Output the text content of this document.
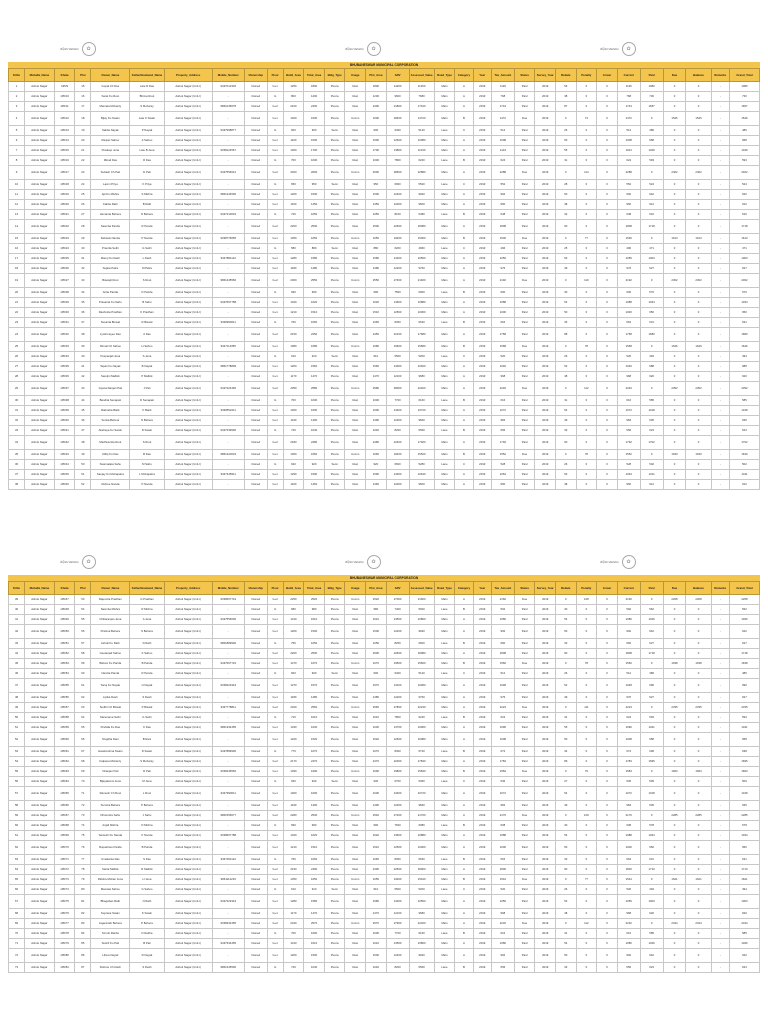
ଓଡ଼ିଶା ସରକାର	✿	ଓଡ଼ିଶା ସରକାର	✿	ଓଡ଼ିଶା ସରକାର	✿
BHUBANESWAR MUNICIPAL CORPORATION
Sl.No	Mohalla_Name	Khata	Plot	Owner_Name	Father/Husband_Name	Property_Address	Mobile_Number	Ownership	Floor	Build_Area	Total_Area	Bldg_Type	Usage	Plot_Area	ARV	Assessed_Value	Road_Type	Category	Year	Tax_Amount	Status	Survey_Year	Rebate	Penalty	Arrear	Current	Paid	Due	Balance	Remarks	Grand_Total
1	Ashok Nagar	195/9	15	Gopal Ch Das	Late R Das	Ashok Nagar (Unit-I)	9437012345	Owned	G+1	1250	1800	Pucca	Resi	1800	14200	11360	Main	A	2019	1136	Paid	2019	56	0	0	1136	1080	0	0	-	1080
2	Ashok Nagar	195/10	16	Sarat Ku Rout	Bhima Rout	Ashok Nagar (Unit-I)	-	Owned	G	800	1200	Pucca	Resi	1200	9600	7680	Main	A	2019	768	Paid	2019	38	0	0	768	730	0	0	-	730
3	Ashok Nagar	195/11	17	Mamata Mohanty	S Mohanty	Ashok Nagar (Unit-I)	9861045678	Owned	G+2	2100	2400	Pucca	Resi	2400	21800	17440	Main	A	2019	1744	Paid	2019	87	0	0	1744	1657	0	0	-	1657
4	Ashok Nagar	195/12	18	Bijay Ku Swain	Late K Swain	Ashok Nagar (Unit-I)	-	Owned	G+1	1400	1600	Pucca	Comm	1600	18400	14720	Main	B	2019	1472	Due	2019	0	74	0	1472	0	1546	1546	-	1546
5	Ashok Nagar	195/13	19	Sabita Nayak	P Nayak	Ashok Nagar (Unit-I)	9437998877	Owned	G	600	900	Semi	Resi	900	6400	5120	Lane	C	2019	512	Paid	2019	26	0	0	512	486	0	0	-	486
6	Ashok Nagar	195/14	20	Ranjan Sahoo	A Sahoo	Ashok Nagar (Unit-I)	-	Owned	G+1	1100	1500	Pucca	Resi	1500	12600	10080	Main	A	2019	1008	Paid	2019	50	0	0	1008	958	0	0	-	958
7	Ashok Nagar	195/15	21	Pradeep Jena	Late B Jena	Ashok Nagar (Unit-I)	9338124567	Owned	G+1	1300	1700	Pucca	Resi	1700	13800	11040	Main	A	2019	1104	Paid	2019	55	0	0	1104	1049	0	0	-	1049
8	Ashok Nagar	195/16	22	Minati Das	R Das	Ashok Nagar (Unit-I)	-	Owned	G	700	1000	Pucca	Resi	1000	7800	6240	Lane	B	2019	624	Paid	2019	31	0	0	624	593	0	0	-	593
9	Ashok Nagar	195/17	23	Subash Ch Pati	D Pati	Ashok Nagar (Unit-I)	9437556612	Owned	G+2	2400	2600	Pucca	Comm	2600	28600	22880	Main	A	2019	2288	Due	2019	0	114	0	2288	0	2402	2402	-	2402
10	Ashok Nagar	195/18	24	Laxmi Priya	K Priya	Ashok Nagar (Unit-I)	-	Owned	G	650	950	Semi	Resi	950	6900	5520	Lane	C	2019	552	Paid	2019	28	0	0	552	524	0	0	-	524
11	Ashok Nagar	195/19	25	Ajit Ku Mishra	S Mishra	Ashok Nagar (Unit-I)	9861234500	Owned	G+1	1200	1500	Pucca	Resi	1500	12400	9920	Main	A	2019	992	Paid	2019	50	0	0	992	942	0	0	-	942
12	Ashok Nagar	195/20	26	Kabita Rath	B Rath	Ashok Nagar (Unit-I)	-	Owned	G+1	1150	1450	Pucca	Resi	1450	12000	9600	Main	A	2019	960	Paid	2019	48	0	0	960	912	0	0	-	912
13	Ashok Nagar	195/21	27	Hemanta Behera	N Behera	Ashok Nagar (Unit-I)	9437210034	Owned	G	720	1050	Pucca	Resi	1050	8100	6480	Lane	B	2019	648	Paid	2019	32	0	0	648	616	0	0	-	616
14	Ashok Nagar	195/22	28	Sasmita Panda	R Panda	Ashok Nagar (Unit-I)	-	Owned	G+2	2200	2500	Pucca	Resi	2500	22600	18080	Main	A	2019	1808	Paid	2019	90	0	0	1808	1718	0	0	-	1718
15	Ashok Nagar	195/23	29	Debasis Nanda	P Nanda	Ashok Nagar (Unit-I)	9338776655	Owned	G+1	1350	1650	Pucca	Comm	1650	19200	15360	Main	B	2019	1536	Due	2019	0	77	0	1536	0	1613	1613	-	1613
16	Ashok Nagar	195/24	30	Pramila Sethi	G Sethi	Ashok Nagar (Unit-I)	-	Owned	G	580	880	Semi	Resi	880	6200	4960	Lane	C	2019	496	Paid	2019	25	0	0	496	471	0	0	-	471
17	Ashok Nagar	195/25	31	Manoj Ku Dash	L Dash	Ashok Nagar (Unit-I)	9437881122	Owned	G+1	1280	1580	Pucca	Resi	1580	13200	10560	Main	A	2019	1056	Paid	2019	53	0	0	1056	1003	0	0	-	1003
18	Ashok Nagar	195/26	32	Sujata Patra	M Patra	Ashok Nagar (Unit-I)	-	Owned	G+1	1180	1480	Pucca	Resi	1480	12200	9760	Main	A	2019	976	Paid	2019	49	0	0	976	927	0	0	-	927
19	Ashok Nagar	195/27	33	Biswajit Rout	S Rout	Ashok Nagar (Unit-I)	9861445566	Owned	G+2	2300	2550	Pucca	Comm	2550	27400	21920	Main	A	2019	2192	Due	2019	0	110	0	2192	0	2302	2302	-	2302
20	Ashok Nagar	195/28	34	Anita Parida	D Parida	Ashok Nagar (Unit-I)	-	Owned	G	690	990	Pucca	Resi	990	7500	6000	Lane	B	2019	600	Paid	2019	30	0	0	600	570	0	0	-	570
21	Ashok Nagar	195/29	35	Prasanta Ku Sahu	B Sahu	Ashok Nagar (Unit-I)	9437667788	Owned	G+1	1320	1620	Pucca	Resi	1620	13600	10880	Main	A	2019	1088	Paid	2019	54	0	0	1088	1034	0	0	-	1034
22	Ashok Nagar	195/30	36	Rashmita Pradhan	K Pradhan	Ashok Nagar (Unit-I)	-	Owned	G+1	1210	1510	Pucca	Resi	1510	12500	10000	Main	A	2019	1000	Paid	2019	50	0	0	1000	950	0	0	-	950
23	Ashok Nagar	195/31	37	Susanta Biswal	R Biswal	Ashok Nagar (Unit-I)	9338990011	Owned	G	760	1060	Pucca	Resi	1060	8300	6640	Lane	B	2019	664	Paid	2019	33	0	0	664	631	0	0	-	631
24	Ashok Nagar	195/32	38	Jyotirmayee Das	A Das	Ashok Nagar (Unit-I)	-	Owned	G+2	2150	2450	Pucca	Resi	2450	22100	17680	Main	A	2019	1768	Paid	2019	88	0	0	1768	1680	0	0	-	1680
25	Ashok Nagar	195/33	39	Nirmal Ch Sahoo	H Sahoo	Ashok Nagar (Unit-I)	9437113355	Owned	G+1	1380	1680	Pucca	Comm	1680	19600	15680	Main	B	2019	1568	Due	2019	0	78	0	1568	0	1646	1646	-	1646
26	Ashok Nagar	195/34	40	Puspanjali Jena	S Jena	Ashok Nagar (Unit-I)	-	Owned	G	610	910	Semi	Resi	910	6500	5200	Lane	C	2019	520	Paid	2019	26	0	0	520	494	0	0	-	494
27	Ashok Nagar	195/35	41	Tapan Ku Nayak	B Nayak	Ashok Nagar (Unit-I)	9861778899	Owned	G+1	1260	1560	Pucca	Resi	1560	13000	10400	Main	A	2019	1040	Paid	2019	52	0	0	1040	988	0	0	-	988
28	Ashok Nagar	195/36	42	Sarojini Mallick	P Mallick	Ashok Nagar (Unit-I)	-	Owned	G+1	1170	1470	Pucca	Resi	1470	12100	9680	Main	A	2019	968	Paid	2019	48	0	0	968	920	0	0	-	920
29	Ashok Nagar	195/37	43	Gyana Ranjan Pati	J Pati	Ashok Nagar (Unit-I)	9437224466	Owned	G+2	2350	2580	Pucca	Comm	2580	28000	22400	Main	A	2019	2240	Due	2019	0	112	0	2240	0	2352	2352	-	2352
30	Ashok Nagar	195/38	44	Bandita Senapati	D Senapati	Ashok Nagar (Unit-I)	-	Owned	G	700	1000	Pucca	Resi	1000	7700	6160	Lane	B	2019	616	Paid	2019	31	0	0	616	585	0	0	-	585
31	Ashok Nagar	195/39	45	Rabindra Barik	K Barik	Ashok Nagar (Unit-I)	9338552211	Owned	G+1	1300	1600	Pucca	Resi	1600	13400	10720	Main	A	2019	1072	Paid	2019	54	0	0	1072	1018	0	0	-	1018
32	Ashok Nagar	195/40	46	Sunita Behera	N Behera	Ashok Nagar (Unit-I)	-	Owned	G+1	1190	1490	Pucca	Resi	1490	12300	9840	Main	A	2019	984	Paid	2019	49	0	0	984	935	0	0	-	935
33	Ashok Nagar	195/41	47	Akshaya Ku Swain	R Swain	Ashok Nagar (Unit-I)	9437339900	Owned	G	740	1040	Pucca	Resi	1040	8200	6560	Lane	B	2019	656	Paid	2019	33	0	0	656	623	0	0	-	623
34	Ashok Nagar	195/42	48	Madhusmita Rout	S Rout	Ashok Nagar (Unit-I)	-	Owned	G+2	2180	2480	Pucca	Resi	2480	22400	17920	Main	A	2019	1792	Paid	2019	90	0	0	1792	1702	0	0	-	1702
35	Ashok Nagar	195/43	49	Dillip Ku Das	B Das	Ashok Nagar (Unit-I)	9861220033	Owned	G+1	1360	1660	Pucca	Comm	1660	19400	15520	Main	B	2019	1552	Due	2019	0	78	0	1552	0	1630	1630	-	1630
36	Ashok Nagar	195/44	50	Swarnalata Sahu	M Sahu	Ashok Nagar (Unit-I)	-	Owned	G	620	920	Semi	Resi	920	6600	5280	Lane	C	2019	528	Paid	2019	26	0	0	528	502	0	0	-	502
37	Ashok Nagar	195/45	51	Sanjay Ku Mohapatra	L Mohapatra	Ashok Nagar (Unit-I)	9437445511	Owned	G+1	1290	1590	Pucca	Resi	1590	13300	10640	Main	A	2019	1064	Paid	2019	53	0	0	1064	1011	0	0	-	1011
38	Ashok Nagar	195/46	52	Itishree Nanda	P Nanda	Ashok Nagar (Unit-I)	-	Owned	G+1	1160	1460	Pucca	Resi	1460	12000	9600	Main	A	2019	960	Paid	2019	48	0	0	960	912	0	0	-	912
ଓଡ଼ିଶା ସରକାର	✿	ଓଡ଼ିଶା ସରକାର	✿	ଓଡ଼ିଶା ସରକାର	✿
BHUBANESWAR MUNICIPAL CORPORATION
Sl.No	Mohalla_Name	Khata	Plot	Owner_Name	Father/Husband_Name	Property_Address	Mobile_Number	Ownership	Floor	Build_Area	Total_Area	Bldg_Type	Usage	Plot_Area	ARV	Assessed_Value	Road_Type	Category	Year	Tax_Amount	Status	Survey_Year	Rebate	Penalty	Arrear	Current	Paid	Due	Balance	Remarks	Grand_Total
39	Ashok Nagar	195/47	53	Rajendra Pradhan	G Pradhan	Ashok Nagar (Unit-I)	9338667744	Owned	G+2	2250	2520	Pucca	Comm	2520	27000	21600	Main	A	2019	2160	Due	2019	0	108	0	2160	0	2268	2268	-	2268
40	Ashok Nagar	195/48	54	Sasmita Mishra	R Mishra	Ashok Nagar (Unit-I)	-	Owned	G	680	980	Pucca	Resi	980	7400	5920	Lane	B	2019	592	Paid	2019	30	0	0	592	562	0	0	-	562
41	Ashok Nagar	195/49	55	Chittaranjan Jena	A Jena	Ashok Nagar (Unit-I)	9437556600	Owned	G+1	1310	1610	Pucca	Resi	1610	13500	10800	Main	A	2019	1080	Paid	2019	54	0	0	1080	1026	0	0	-	1026
42	Ashok Nagar	195/50	56	Pratima Behera	S Behera	Ashok Nagar (Unit-I)	-	Owned	G+1	1200	1500	Pucca	Resi	1500	12400	9920	Main	A	2019	992	Paid	2019	50	0	0	992	942	0	0	-	942
43	Ashok Nagar	195/51	57	Ashok Ku Rath	D Rath	Ashok Nagar (Unit-I)	9861889900	Owned	G	750	1050	Pucca	Resi	1050	8250	6600	Lane	B	2019	660	Paid	2019	33	0	0	660	627	0	0	-	627
44	Ashok Nagar	195/52	58	Geetanjali Sahoo	K Sahoo	Ashok Nagar (Unit-I)	-	Owned	G+2	2200	2500	Pucca	Resi	2500	22600	18080	Main	A	2019	1808	Paid	2019	90	0	0	1808	1718	0	0	-	1718
45	Ashok Nagar	195/53	59	Bikram Ku Parida	B Parida	Ashok Nagar (Unit-I)	9437667722	Owned	G+1	1370	1670	Pucca	Comm	1670	19500	15600	Main	B	2019	1560	Due	2019	0	78	0	1560	0	1638	1638	-	1638
46	Ashok Nagar	195/54	60	Namita Panda	R Panda	Ashok Nagar (Unit-I)	-	Owned	G	600	900	Semi	Resi	900	6400	5120	Lane	C	2019	512	Paid	2019	26	0	0	512	486	0	0	-	486
47	Ashok Nagar	195/55	61	Saroj Ku Nayak	H Nayak	Ashok Nagar (Unit-I)	9338223344	Owned	G+1	1270	1570	Pucca	Resi	1570	13100	10480	Main	A	2019	1048	Paid	2019	52	0	0	1048	996	0	0	-	996
48	Ashok Nagar	195/56	62	Lipika Dash	S Dash	Ashok Nagar (Unit-I)	-	Owned	G+1	1180	1480	Pucca	Resi	1480	12200	9760	Main	A	2019	976	Paid	2019	49	0	0	976	927	0	0	-	927
49	Ashok Nagar	195/57	63	Sudhir Ch Biswal	P Biswal	Ashok Nagar (Unit-I)	9437778811	Owned	G+2	2320	2560	Pucca	Comm	2560	27800	22240	Main	A	2019	2224	Due	2019	0	111	0	2224	0	2335	2335	-	2335
50	Ashok Nagar	195/58	64	Manorama Sethi	G Sethi	Ashok Nagar (Unit-I)	-	Owned	G	710	1010	Pucca	Resi	1010	7800	6240	Lane	B	2019	624	Paid	2019	31	0	0	624	593	0	0	-	593
51	Ashok Nagar	195/59	65	Prafulla Ku Das	K Das	Ashok Nagar (Unit-I)	9861334455	Owned	G+1	1330	1630	Pucca	Resi	1630	13700	10960	Main	A	2019	1096	Paid	2019	55	0	0	1096	1041	0	0	-	1041
52	Ashok Nagar	195/60	66	Snigdha Rani	B Rani	Ashok Nagar (Unit-I)	-	Owned	G+1	1220	1520	Pucca	Resi	1520	12600	10080	Main	A	2019	1008	Paid	2019	50	0	0	1008	958	0	0	-	958
53	Ashok Nagar	195/61	67	Harekrushna Swain	D Swain	Ashok Nagar (Unit-I)	9437889900	Owned	G	770	1070	Pucca	Resi	1070	8400	6720	Lane	B	2019	672	Paid	2019	34	0	0	672	638	0	0	-	638
54	Ashok Nagar	195/62	68	Kalpana Mohanty	S Mohanty	Ashok Nagar (Unit-I)	-	Owned	G+2	2170	2470	Pucca	Resi	2470	22300	17840	Main	A	2019	1784	Paid	2019	89	0	0	1784	1695	0	0	-	1695
55	Ashok Nagar	195/63	69	Niranjan Pati	R Pati	Ashok Nagar (Unit-I)	9338445566	Owned	G+1	1390	1690	Pucca	Comm	1690	19800	15840	Main	B	2019	1584	Due	2019	0	79	0	1584	0	1663	1663	-	1663
56	Ashok Nagar	195/64	70	Bijayalaxmi Jena	M Jena	Ashok Nagar (Unit-I)	-	Owned	G	630	930	Semi	Resi	930	6700	5360	Lane	C	2019	536	Paid	2019	27	0	0	536	509	0	0	-	509
57	Ashok Nagar	195/65	71	Ramesh Ch Rout	L Rout	Ashok Nagar (Unit-I)	9437990011	Owned	G+1	1300	1600	Pucca	Resi	1600	13400	10720	Main	A	2019	1072	Paid	2019	54	0	0	1072	1018	0	0	-	1018
58	Ashok Nagar	195/66	72	Sumitra Behera	P Behera	Ashok Nagar (Unit-I)	-	Owned	G+1	1190	1490	Pucca	Resi	1490	12300	9840	Main	A	2019	984	Paid	2019	49	0	0	984	935	0	0	-	935
59	Ashok Nagar	195/67	73	Dhirendra Sahu	J Sahu	Ashok Nagar (Unit-I)	9861556677	Owned	G+2	2280	2540	Pucca	Comm	2540	27200	21760	Main	A	2019	2176	Due	2019	0	109	0	2176	0	2285	2285	-	2285
60	Ashok Nagar	195/68	74	Anjali Mishra	D Mishra	Ashok Nagar (Unit-I)	-	Owned	G	690	990	Pucca	Resi	990	7600	6080	Lane	B	2019	608	Paid	2019	30	0	0	608	578	0	0	-	578
61	Ashok Nagar	195/69	75	Santosh Ku Nanda	K Nanda	Ashok Nagar (Unit-I)	9338667788	Owned	G+1	1320	1620	Pucca	Resi	1620	13600	10880	Main	A	2019	1088	Paid	2019	54	0	0	1088	1034	0	0	-	1034
62	Ashok Nagar	195/70	76	Rupashree Parida	B Parida	Ashok Nagar (Unit-I)	-	Owned	G+1	1210	1510	Pucca	Resi	1510	12500	10000	Main	A	2019	1000	Paid	2019	50	0	0	1000	950	0	0	-	950
63	Ashok Nagar	195/71	77	Umakanta Das	S Das	Ashok Nagar (Unit-I)	9437001122	Owned	G	760	1060	Pucca	Resi	1060	8300	6640	Lane	B	2019	664	Paid	2019	33	0	0	664	631	0	0	-	631
64	Ashok Nagar	195/72	78	Sarita Mallick	R Mallick	Ashok Nagar (Unit-I)	-	Owned	G+2	2190	2490	Pucca	Resi	2490	22500	18000	Main	A	2019	1800	Paid	2019	90	0	0	1800	1710	0	0	-	1710
65	Ashok Nagar	195/73	79	Pabitra Mohan Jena	H Jena	Ashok Nagar (Unit-I)	9861112233	Owned	G+1	1350	1650	Pucca	Comm	1650	19300	15440	Main	B	2019	1544	Due	2019	0	77	0	1544	0	1621	1621	-	1621
66	Ashok Nagar	195/74	80	Mamata Sahoo	G Sahoo	Ashok Nagar (Unit-I)	-	Owned	G	610	910	Semi	Resi	910	6500	5200	Lane	C	2019	520	Paid	2019	26	0	0	520	494	0	0	-	494
67	Ashok Nagar	195/75	81	Bhagaban Rath	N Rath	Ashok Nagar (Unit-I)	9437223344	Owned	G+1	1280	1580	Pucca	Resi	1580	13200	10560	Main	A	2019	1056	Paid	2019	53	0	0	1056	1003	0	0	-	1003
68	Ashok Nagar	195/76	82	Suprava Swain	K Swain	Ashok Nagar (Unit-I)	-	Owned	G+1	1170	1470	Pucca	Resi	1470	12100	9680	Main	A	2019	968	Paid	2019	48	0	0	968	920	0	0	-	920
69	Ashok Nagar	195/77	83	Jagannath Behera	P Behera	Ashok Nagar (Unit-I)	9338334455	Owned	G+2	2340	2570	Pucca	Comm	2570	27900	22320	Main	A	2019	2232	Due	2019	0	112	0	2232	0	2344	2344	-	2344
70	Ashok Nagar	195/78	84	Smruti Rekha	D Rekha	Ashok Nagar (Unit-I)	-	Owned	G	700	1000	Pucca	Resi	1000	7700	6160	Lane	B	2019	616	Paid	2019	31	0	0	616	585	0	0	-	585
71	Ashok Nagar	195/79	85	Sushil Ku Pati	B Pati	Ashok Nagar (Unit-I)	9437334455	Owned	G+1	1310	1610	Pucca	Resi	1610	13500	10800	Main	A	2019	1080	Paid	2019	54	0	0	1080	1026	0	0	-	1026
72	Ashok Nagar	195/80	86	Lilima Nayak	R Nayak	Ashok Nagar (Unit-I)	-	Owned	G+1	1200	1500	Pucca	Resi	1500	12400	9920	Main	A	2019	992	Paid	2019	50	0	0	992	942	0	0	-	942
73	Ashok Nagar	195/81	87	Kishore Ch Dash	S Dash	Ashok Nagar (Unit-I)	9861445500	Owned	G	740	1040	Pucca	Resi	1040	8200	6560	Lane	B	2019	656	Paid	2019	33	0	0	656	623	0	0	-	623
